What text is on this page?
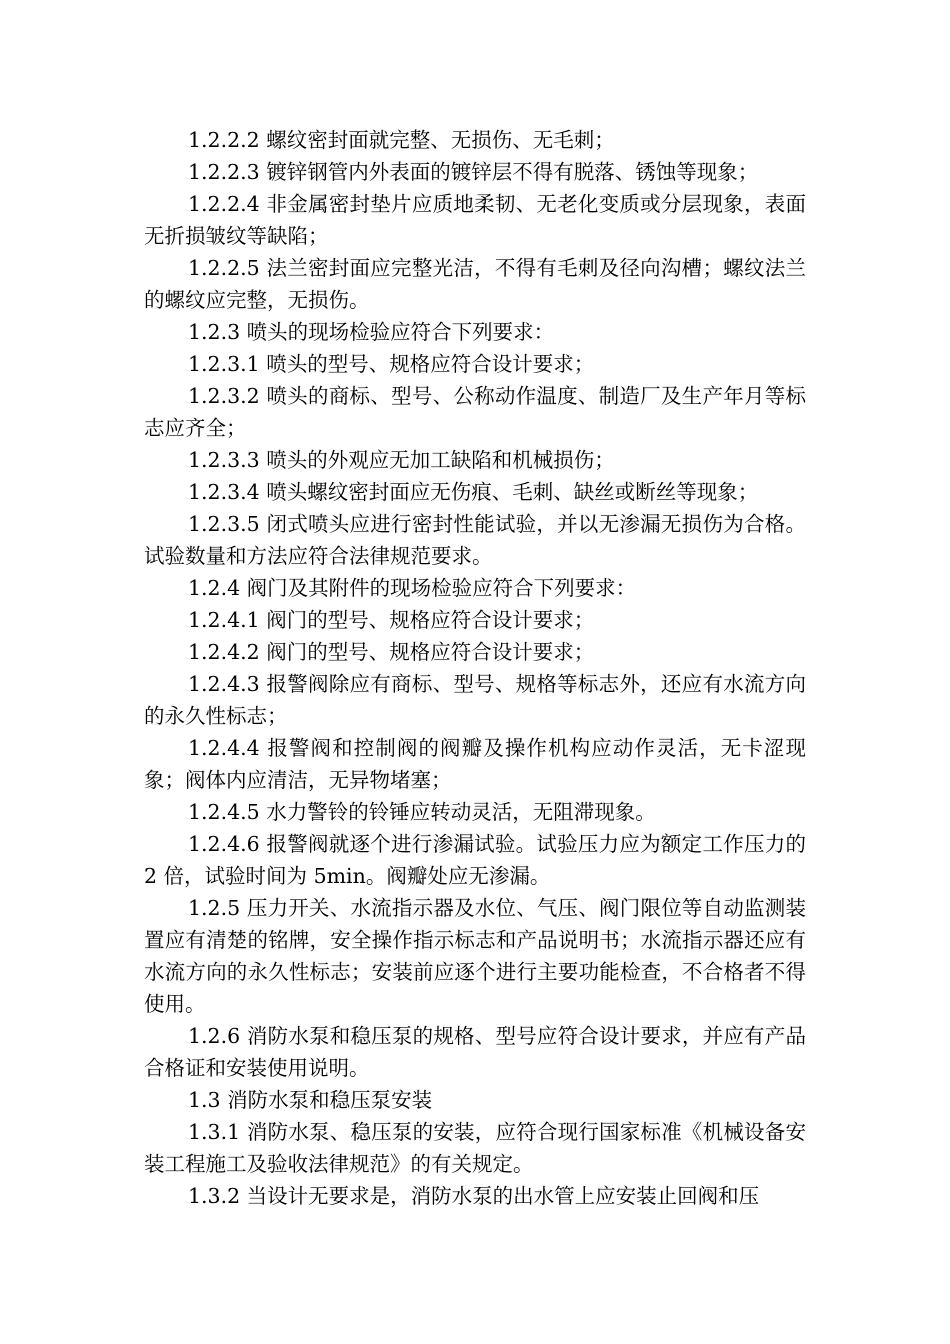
1.2.2.2 螺纹密封面就完整、无损伤、无毛刺；

1.2.2.3 镀锌钢管内外表面的镀锌层不得有脱落、锈蚀等现象；

1.2.2.4 非金属密封垫片应质地柔韧、无老化变质或分层现象，表面无折损皱纹等缺陷；

1.2.2.5 法兰密封面应完整光洁，不得有毛刺及径向沟槽；螺纹法兰的螺纹应完整，无损伤。

1.2.3 喷头的现场检验应符合下列要求：

1.2.3.1 喷头的型号、规格应符合设计要求；

1.2.3.2 喷头的商标、型号、公称动作温度、制造厂及生产年月等标志应齐全；

1.2.3.3 喷头的外观应无加工缺陷和机械损伤；

1.2.3.4 喷头螺纹密封面应无伤痕、毛刺、缺丝或断丝等现象；

1.2.3.5 闭式喷头应进行密封性能试验，并以无渗漏无损伤为合格。试验数量和方法应符合法律规范要求。

1.2.4 阀门及其附件的现场检验应符合下列要求：

1.2.4.1 阀门的型号、规格应符合设计要求；

1.2.4.2 阀门的型号、规格应符合设计要求；

1.2.4.3 报警阀除应有商标、型号、规格等标志外，还应有水流方向的永久性标志；

1.2.4.4 报警阀和控制阀的阀瓣及操作机构应动作灵活，无卡涩现象；阀体内应清洁，无异物堵塞；

1.2.4.5 水力警铃的铃锤应转动灵活，无阻滞现象。

1.2.4.6 报警阀就逐个进行渗漏试验。试验压力应为额定工作压力的 2 倍，试验时间为 5min。阀瓣处应无渗漏。

1.2.5 压力开关、水流指示器及水位、气压、阀门限位等自动监测装置应有清楚的铭牌，安全操作指示标志和产品说明书；水流指示器还应有水流方向的永久性标志；安装前应逐个进行主要功能检查，不合格者不得使用。

1.2.6 消防水泵和稳压泵的规格、型号应符合设计要求，并应有产品合格证和安装使用说明。

1.3 消防水泵和稳压泵安装

1.3.1 消防水泵、稳压泵的安装，应符合现行国家标准《机械设备安装工程施工及验收法律规范》的有关规定。

1.3.2 当设计无要求是，消防水泵的出水管上应安装止回阀和压
